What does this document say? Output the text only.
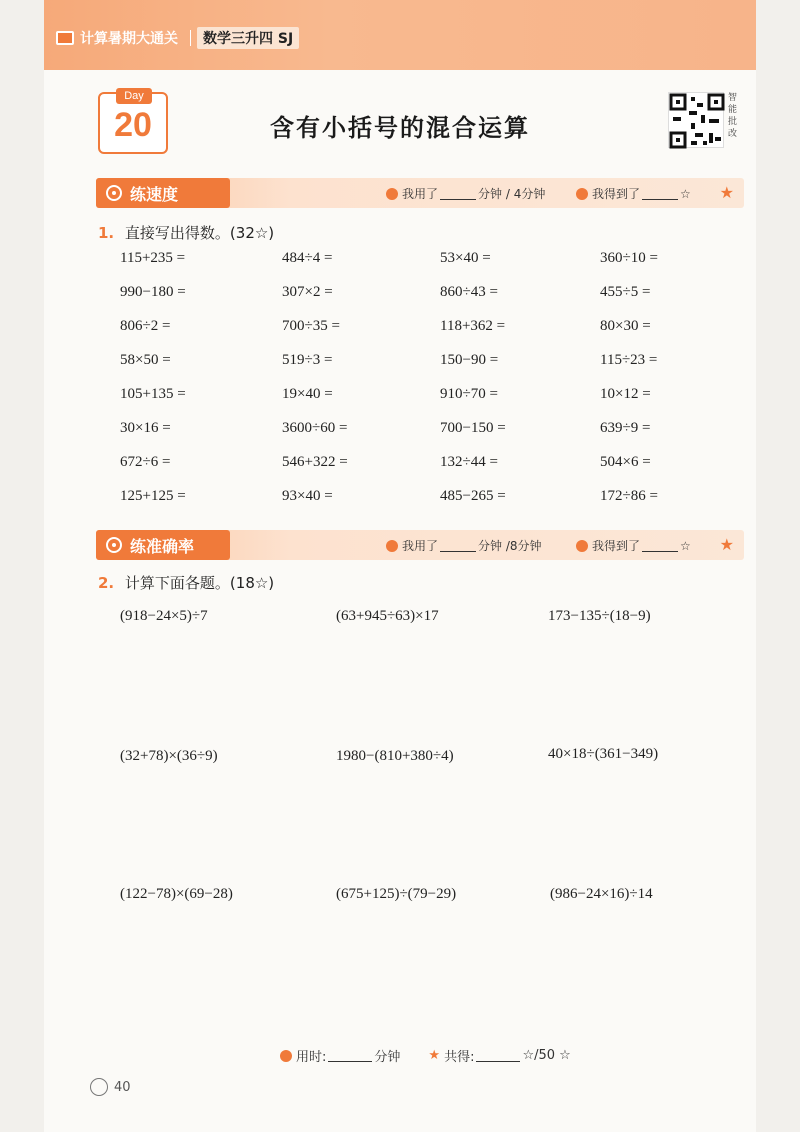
计算暑期大通关	数学三升四 SJ
Day
20	含有小括号的混合运算
智能批改
练速度	我用了	分钟 / 4分钟	我得到了	☆ ★
1. 直接写出得数。(32☆)
115+235 =	484÷4 =	53×40 =	360÷10 =
990−180 =	307×2 =	860÷43 =	455÷5 =
806÷2 =	700÷35 =	118+362 =	80×30 =
58×50 =	519÷3 =	150−90 =	115÷23 =
105+135 =	19×40 =	910÷70 =	10×12 =
30×16 =	3600÷60 =	700−150 =	639÷9 =
672÷6 =	546+322 =	132÷44 =	504×6 =
125+125 =	93×40 =	485−265 =	172÷86 =
练准确率	我用了	分钟 /8分钟	我得到了	☆ ★
2. 计算下面各题。(18☆)
(918−24×5)÷7	(63+945÷63)×17	173−135÷(18−9)
(32+78)×(36÷9)	1980−(810+380÷4)	40×18÷(361−349)
(122−78)×(69−28)	(675+125)÷(79−29)	(986−24×16)÷14
用时:	分钟 ★ 共得:	☆/50 ☆
40
